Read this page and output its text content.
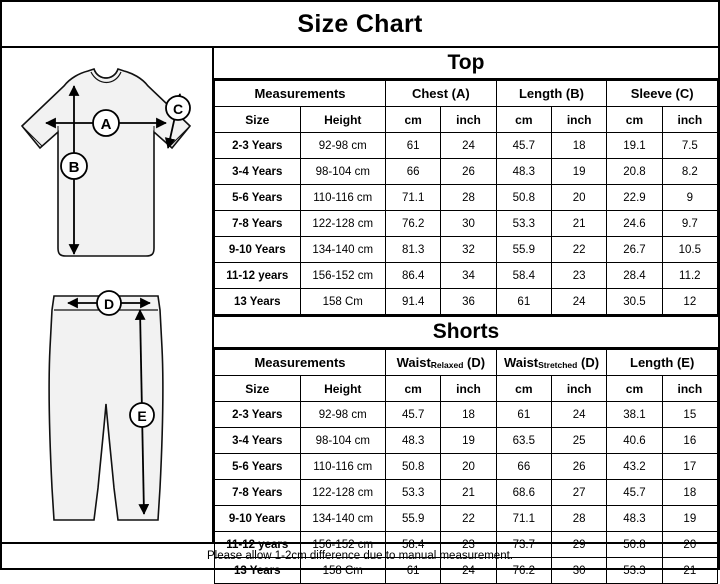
Size Chart
A
B
C
D
E
Top
Measurements		Chest (A)		Length (B)		Sleeve (C)	
Size	Height	cm	inch	cm	inch	cm	inch
2-3 Years	92-98 cm	61	24	45.7	18	19.1	7.5
3-4 Years	98-104 cm	66	26	48.3	19	20.8	8.2
5-6 Years	110-116 cm	71.1	28	50.8	20	22.9	9
7-8 Years	122-128 cm	76.2	30	53.3	21	24.6	9.7
9-10 Years	134-140 cm	81.3	32	55.9	22	26.7	10.5
11-12 years	156-152 cm	86.4	34	58.4	23	28.4	11.2
13 Years	158 Cm	91.4	36	61	24	30.5	12
Shorts
Measurements		WaistRelaxed (D)		WaistStretched (D)		Length (E)	
Size	Height	cm	inch	cm	inch	cm	inch
2-3 Years	92-98 cm	45.7	18	61	24	38.1	15
3-4 Years	98-104 cm	48.3	19	63.5	25	40.6	16
5-6 Years	110-116 cm	50.8	20	66	26	43.2	17
7-8 Years	122-128 cm	53.3	21	68.6	27	45.7	18
9-10 Years	134-140 cm	55.9	22	71.1	28	48.3	19
11-12 years	156-152 cm	58.4	23	73.7	29	50.8	20
13 Years	158 Cm	61	24	76.2	30	53.3	21
Please allow 1-2cm difference due to manual measurement.
